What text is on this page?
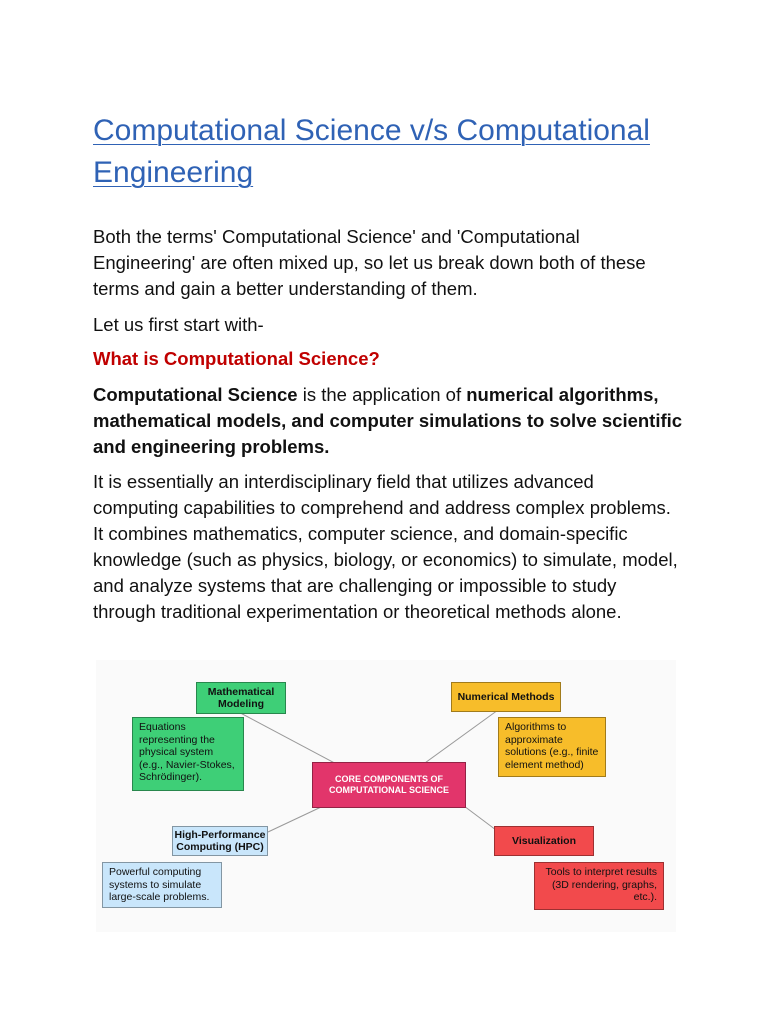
Computational Science v/s Computational Engineering

Both the terms' Computational Science' and 'Computational Engineering' are often mixed up, so let us break down both of these terms and gain a better understanding of them.

Let us first start with-

What is Computational Science?

Computational Science is the application of numerical algorithms, mathematical models, and computer simulations to solve scientific and engineering problems.

It is essentially an interdisciplinary field that utilizes advanced computing capabilities to comprehend and address complex problems. It combines mathematics, computer science, and domain-specific knowledge (such as physics, biology, or economics) to simulate, model, and analyze systems that are challenging or impossible to study through traditional experimentation or theoretical methods alone.

Mathematical Modeling
Equations representing the physical system (e.g., Navier-Stokes, Schrödinger).
Numerical Methods
Algorithms to approximate solutions (e.g., finite element method)
CORE COMPONENTS OF COMPUTATIONAL SCIENCE
High-Performance Computing (HPC)
Powerful computing systems to simulate large-scale problems.
Visualization
Tools to interpret results (3D rendering, graphs, etc.).
